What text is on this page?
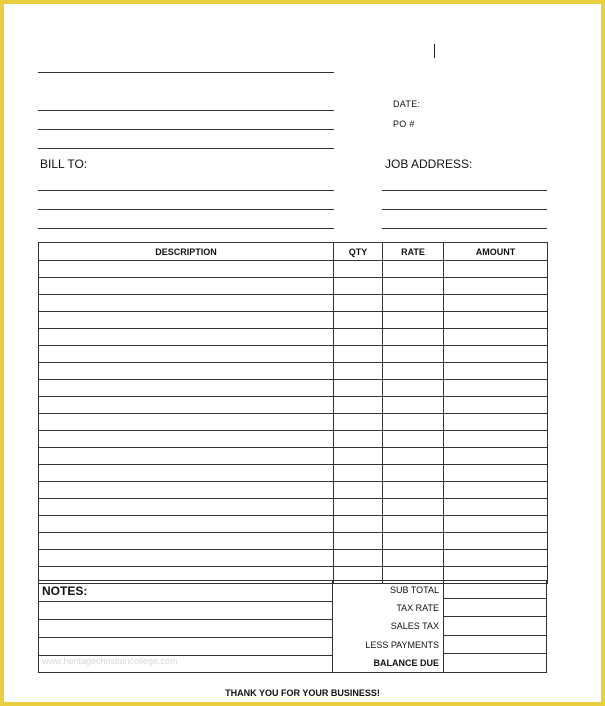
DATE:
PO #
BILL TO:	JOB ADDRESS:
DESCRIPTION	QTY	RATE	AMOUNT

NOTES:	SUB TOTAL
TAX RATE
SALES TAX
LESS PAYMENTS
BALANCE DUE
www.heritagechristiancollege.com
THANK YOU FOR YOUR BUSINESS!
